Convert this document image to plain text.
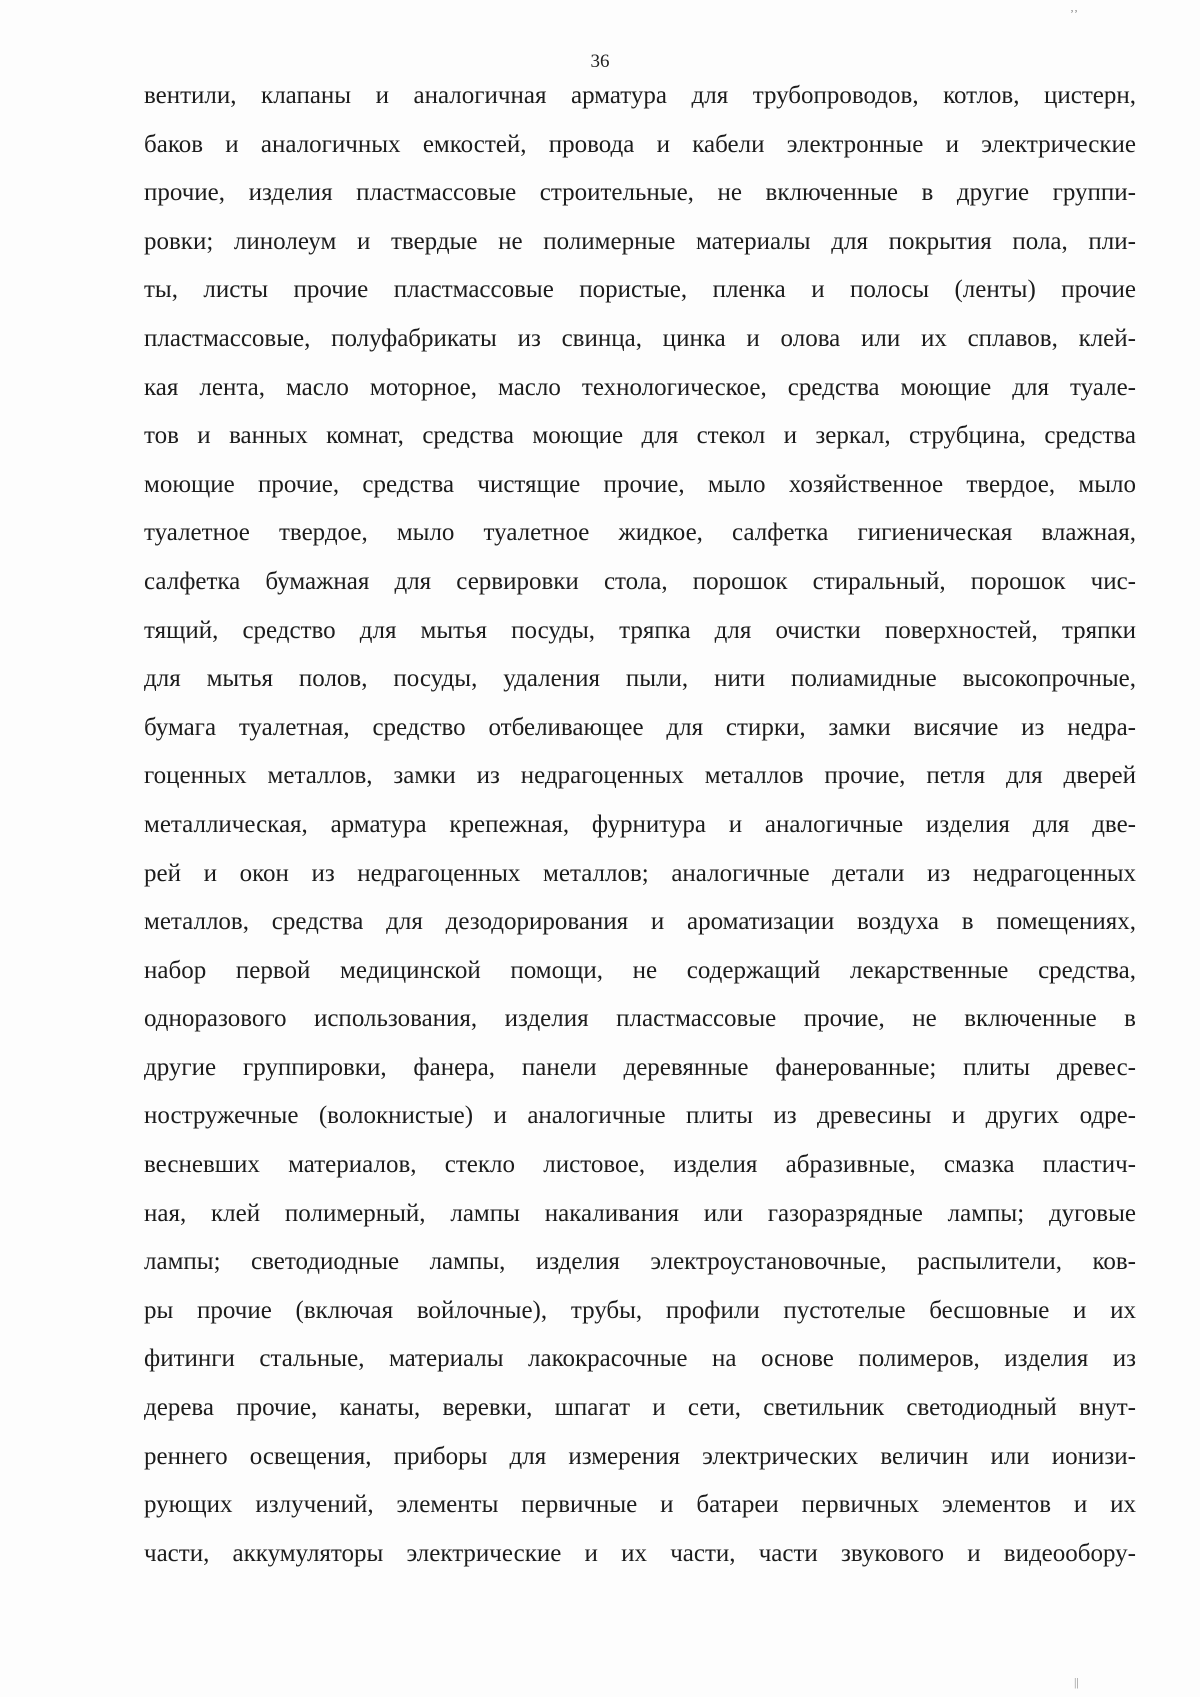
36
вентили, клапаны и аналогичная арматура для трубопроводов, котлов, цистерн,
баков и аналогичных емкостей, провода и кабели электронные и электрические
прочие, изделия пластмассовые строительные, не включенные в другие группи-
ровки; линолеум и твердые не полимерные материалы для покрытия пола, пли-
ты, листы прочие пластмассовые пористые, пленка и полосы (ленты) прочие
пластмассовые, полуфабрикаты из свинца, цинка и олова или их сплавов, клей-
кая лента, масло моторное, масло технологическое, средства моющие для туале-
тов и ванных комнат, средства моющие для стекол и зеркал, струбцина, средства
моющие прочие, средства чистящие прочие, мыло хозяйственное твердое, мыло
туалетное твердое, мыло туалетное жидкое, салфетка гигиеническая влажная,
салфетка бумажная для сервировки стола, порошок стиральный, порошок чис-
тящий, средство для мытья посуды, тряпка для очистки поверхностей, тряпки
для мытья полов, посуды, удаления пыли, нити полиамидные высокопрочные,
бумага туалетная, средство отбеливающее для стирки, замки висячие из недра-
гоценных металлов, замки из недрагоценных металлов прочие, петля для дверей
металлическая, арматура крепежная, фурнитура и аналогичные изделия для две-
рей и окон из недрагоценных металлов; аналогичные детали из недрагоценных
металлов, средства для дезодорирования и ароматизации воздуха в помещениях,
набор первой медицинской помощи, не содержащий лекарственные средства,
одноразового использования, изделия пластмассовые прочие, не включенные в
другие группировки, фанера, панели деревянные фанерованные; плиты древес-
ностружечные (волокнистые) и аналогичные плиты из древесины и других одре-
весневших материалов, стекло листовое, изделия абразивные, смазка пластич-
ная, клей полимерный, лампы накаливания или газоразрядные лампы; дуговые
лампы; светодиодные лампы, изделия электроустановочные, распылители, ков-
ры прочие (включая войлочные), трубы, профили пустотелые бесшовные и их
фитинги стальные, материалы лакокрасочные на основе полимеров, изделия из
дерева прочие, канаты, веревки, шпагат и сети, светильник светодиодный внут-
реннего освещения, приборы для измерения электрических величин или ионизи-
рующих излучений, элементы первичные и батареи первичных элементов и их
части, аккумуляторы электрические и их части, части звукового и видеообору-
‚‚
||
